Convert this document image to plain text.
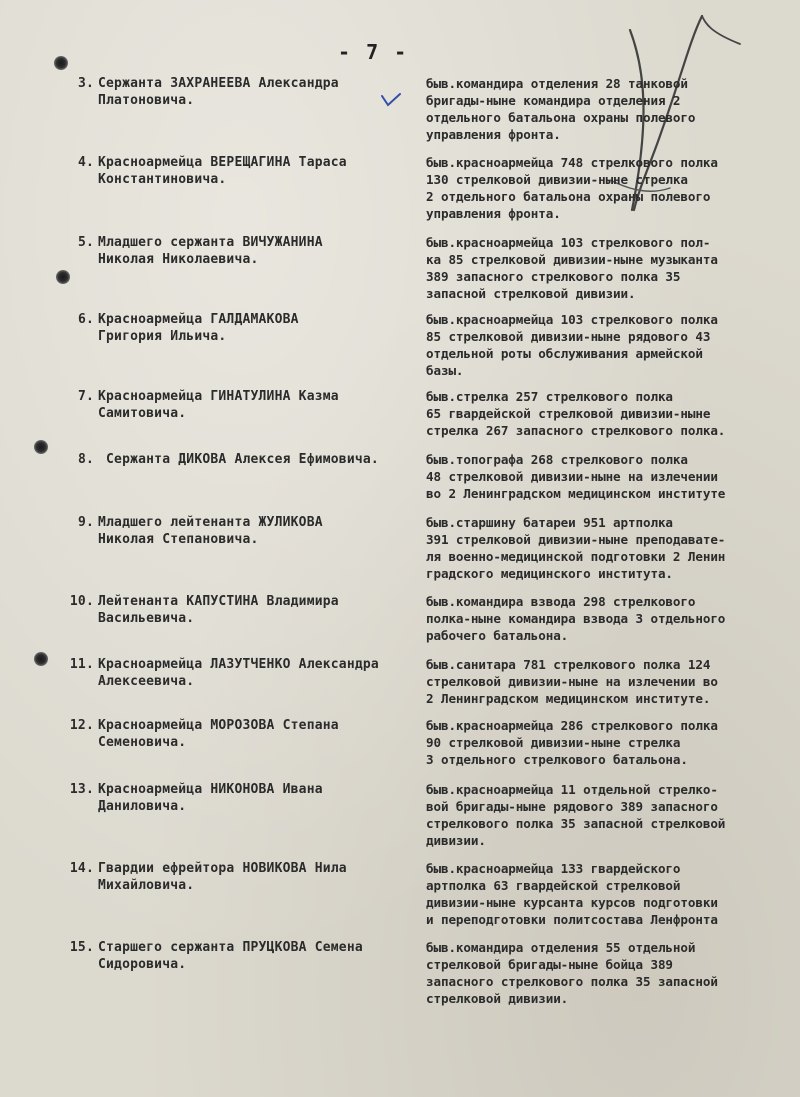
- 7 -
3. Сержанта ЗАХРАНЕЕВА Александра
Платоновича.
быв.командира отделения 28 танковой
бригады-ныне командира отделения 2
отдельного батальона охраны полевого
управления фронта.
4. Красноармейца ВЕРЕЩАГИНА Тараса
Константиновича.
быв.красноармейца 748 стрелкового полка
130 стрелковой дивизии-ныне стрелка
2 отдельного батальона охраны полевого
управления фронта.
5. Младшего сержанта ВИЧУЖАНИНА
Николая Николаевича.
быв.красноармейца 103 стрелкового пол-
ка 85 стрелковой дивизии-ныне музыканта
389 запасного стрелкового полка 35
запасной стрелковой дивизии.
6. Красноармейца ГАЛДАМАКОВА
Григория Ильича.
быв.красноармейца 103 стрелкового полка
85 стрелковой дивизии-ныне рядового 43
отдельной роты обслуживания армейской
базы.
7. Красноармейца ГИНАТУЛИНА Казма
Самитовича.
быв.стрелка 257 стрелкового полка
65 гвардейской стрелковой дивизии-ныне
стрелка 267 запасного стрелкового полка.
8. Сержанта ДИКОВА Алексея Ефимовича.	быв.топографа 268 стрелкового полка
48 стрелковой дивизии-ныне на излечении
во 2 Ленинградском медицинском институте
9. Младшего лейтенанта ЖУЛИКОВА
Николая Степановича.
быв.старшину батареи 951 артполка
391 стрелковой дивизии-ныне преподавате-
ля военно-медицинской подготовки 2 Ленин
градского медицинского института.
10. Лейтенанта КАПУСТИНА Владимира
Васильевича.
быв.командира взвода 298 стрелкового
полка-ныне командира взвода 3 отдельного
рабочего батальона.
11. Красноармейца ЛАЗУТЧЕНКО Александра
Алексеевича.
быв.санитара 781 стрелкового полка 124
стрелковой дивизии-ныне на излечении во
2 Ленинградском медицинском институте.
12. Красноармейца МОРОЗОВА Степана
Семеновича.
быв.красноармейца 286 стрелкового полка
90 стрелковой дивизии-ныне стрелка
3 отдельного стрелкового батальона.
13. Красноармейца НИКОНОВА Ивана
Даниловича.
быв.красноармейца 11 отдельной стрелко-
вой бригады-ныне рядового 389 запасного
стрелкового полка 35 запасной стрелковой
дивизии.
14. Гвардии ефрейтора НОВИКОВА Нила
Михайловича.
быв.красноармейца 133 гвардейского
артполка 63 гвардейской стрелковой
дивизии-ныне курсанта курсов подготовки
и переподготовки политсостава Ленфронта
15. Старшего сержанта ПРУЦКОВА Семена
Сидоровича.
быв.командира отделения 55 отдельной
стрелковой бригады-ныне бойца 389
запасного стрелкового полка 35 запасной
стрелковой дивизии.
